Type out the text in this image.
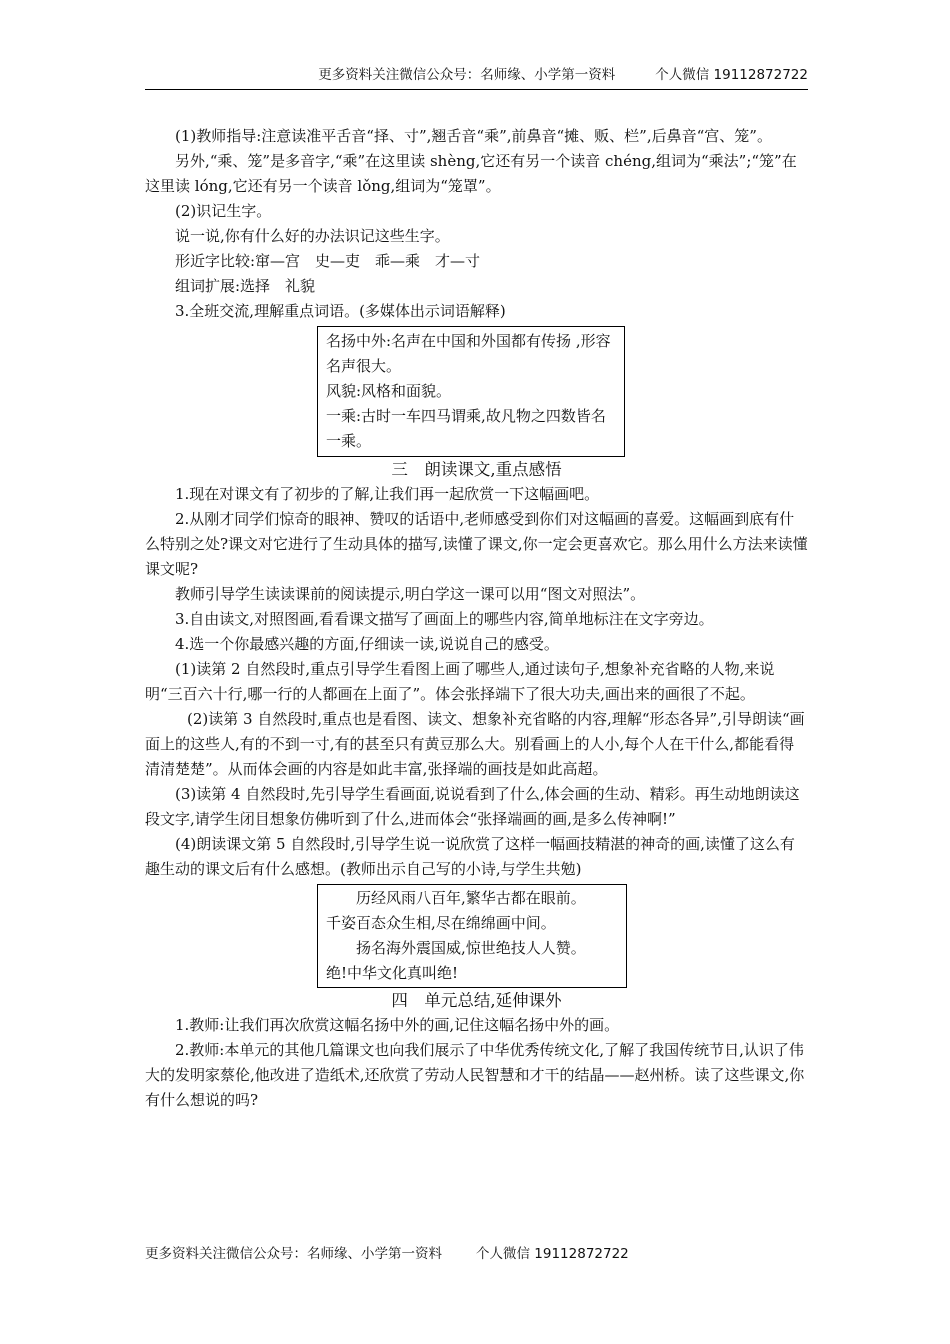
更多资料关注微信公众号：名师缘、小学第一资料	个人微信 19112872722

(1)教师指导:注意读准平舌音“择、寸”,翘舌音“乘”,前鼻音“摊、贩、栏”,后鼻音“宫、笼”。

另外,“乘、笼”是多音字,“乘”在这里读 shèng,它还有另一个读音 chéng,组词为“乘法”;“笼”在这里读 lóng,它还有另一个读音 lǒng,组词为“笼罩”。

(2)识记生字。

说一说,你有什么好的办法识记这些生字。

形近字比较:窜—宫　史—吏　乖—乘　才—寸

组词扩展:选择　礼貌

3.全班交流,理解重点词语。(多媒体出示词语解释)

名扬中外:名声在中国和外国都有传扬 ,形容名声很大。

风貌:风格和面貌。

一乘:古时一车四马谓乘,故凡物之四数皆名一乘。

三　朗读课文,重点感悟

1.现在对课文有了初步的了解,让我们再一起欣赏一下这幅画吧。

2.从刚才同学们惊奇的眼神、赞叹的话语中,老师感受到你们对这幅画的喜爱。这幅画到底有什么特别之处?课文对它进行了生动具体的描写,读懂了课文,你一定会更喜欢它。那么用什么方法来读懂课文呢?

教师引导学生读读课前的阅读提示,明白学这一课可以用“图文对照法”。

3.自由读文,对照图画,看看课文描写了画面上的哪些内容,简单地标注在文字旁边。

4.选一个你最感兴趣的方面,仔细读一读,说说自己的感受。

(1)读第 2 自然段时,重点引导学生看图上画了哪些人,通过读句子,想象补充省略的人物,来说明“三百六十行,哪一行的人都画在上面了”。体会张择端下了很大功夫,画出来的画很了不起。

(2)读第 3 自然段时,重点也是看图、读文、想象补充省略的内容,理解“形态各异”,引导朗读“画面上的这些人,有的不到一寸,有的甚至只有黄豆那么大。别看画上的人小,每个人在干什么,都能看得清清楚楚”。从而体会画的内容是如此丰富,张择端的画技是如此高超。

(3)读第 4 自然段时,先引导学生看画面,说说看到了什么,体会画的生动、精彩。再生动地朗读这段文字,请学生闭目想象仿佛听到了什么,进而体会“张择端画的画,是多么传神啊!”

(4)朗读课文第 5 自然段时,引导学生说一说欣赏了这样一幅画技精湛的神奇的画,读懂了这么有趣生动的课文后有什么感想。(教师出示自己写的小诗,与学生共勉)

历经风雨八百年,繁华古都在眼前。

千姿百态众生相,尽在绵绵画中间。

扬名海外震国威,惊世绝技人人赞。

绝!中华文化真叫绝!

四　单元总结,延伸课外

1.教师:让我们再次欣赏这幅名扬中外的画,记住这幅名扬中外的画。

2.教师:本单元的其他几篇课文也向我们展示了中华优秀传统文化,了解了我国传统节日,认识了伟大的发明家蔡伦,他改进了造纸术,还欣赏了劳动人民智慧和才干的结晶——赵州桥。读了这些课文,你有什么想说的吗?

更多资料关注微信公众号：名师缘、小学第一资料	个人微信 19112872722
